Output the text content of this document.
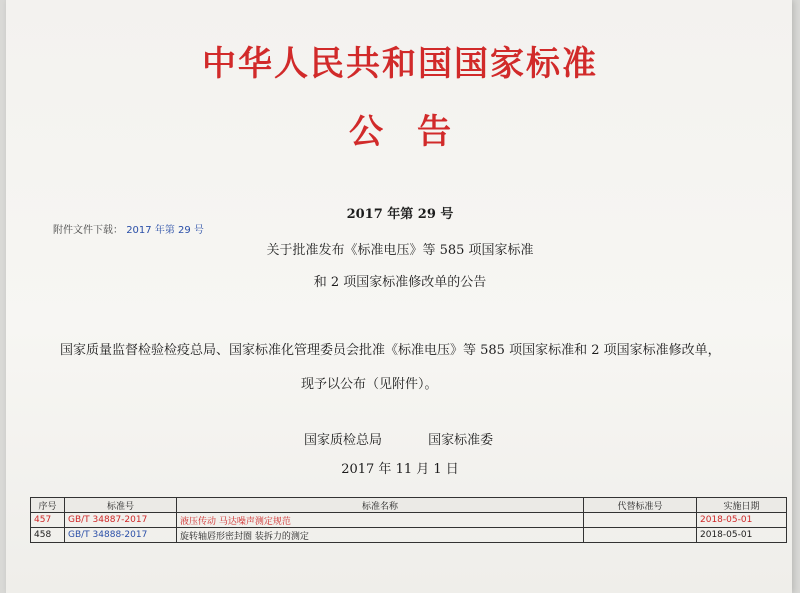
中华人民共和国国家标准
公告
2017 年第 29 号
附件文件下载： 2017 年第 29 号
关于批准发布《标准电压》等 585 项国家标准
和 2 项国家标准修改单的公告
国家质量监督检验检疫总局、国家标准化管理委员会批准《标准电压》等 585 项国家标准和 2 项国家标准修改单，
现予以公布（见附件）。
国家质检总局	国家标准委
2017 年 11 月 1 日
序号	标准号	标准名称	代替标准号	实施日期
457	GB/T 34887-2017	液压传动 马达噪声测定规范		2018-05-01
458	GB/T 34888-2017	旋转轴唇形密封圈 装拆力的测定		2018-05-01
